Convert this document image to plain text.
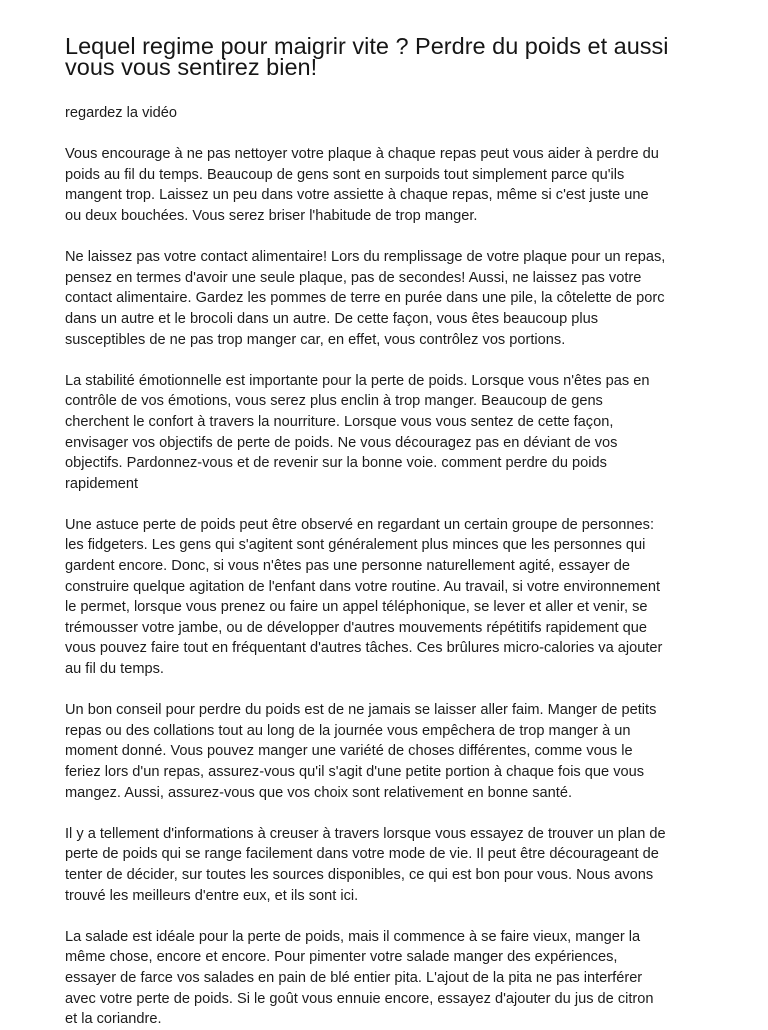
Lequel regime pour maigrir vite ? Perdre du poids et aussi
vous vous sentirez bien!

regardez la vidéo

Vous encourage à ne pas nettoyer votre plaque à chaque repas peut vous aider à perdre du
poids au fil du temps. Beaucoup de gens sont en surpoids tout simplement parce qu'ils
mangent trop. Laissez un peu dans votre assiette à chaque repas, même si c'est juste une
ou deux bouchées. Vous serez briser l'habitude de trop manger.

Ne laissez pas votre contact alimentaire! Lors du remplissage de votre plaque pour un repas,
pensez en termes d'avoir une seule plaque, pas de secondes! Aussi, ne laissez pas votre
contact alimentaire. Gardez les pommes de terre en purée dans une pile, la côtelette de porc
dans un autre et le brocoli dans un autre. De cette façon, vous êtes beaucoup plus
susceptibles de ne pas trop manger car, en effet, vous contrôlez vos portions.

La stabilité émotionnelle est importante pour la perte de poids. Lorsque vous n'êtes pas en
contrôle de vos émotions, vous serez plus enclin à trop manger. Beaucoup de gens
cherchent le confort à travers la nourriture. Lorsque vous vous sentez de cette façon,
envisager vos objectifs de perte de poids. Ne vous découragez pas en déviant de vos
objectifs. Pardonnez-vous et de revenir sur la bonne voie. comment perdre du poids
rapidement

Une astuce perte de poids peut être observé en regardant un certain groupe de personnes:
les fidgeters. Les gens qui s'agitent sont généralement plus minces que les personnes qui
gardent encore. Donc, si vous n'êtes pas une personne naturellement agité, essayer de
construire quelque agitation de l'enfant dans votre routine. Au travail, si votre environnement
le permet, lorsque vous prenez ou faire un appel téléphonique, se lever et aller et venir, se
trémousser votre jambe, ou de développer d'autres mouvements répétitifs rapidement que
vous pouvez faire tout en fréquentant d'autres tâches. Ces brûlures micro-calories va ajouter
au fil du temps.

Un bon conseil pour perdre du poids est de ne jamais se laisser aller faim. Manger de petits
repas ou des collations tout au long de la journée vous empêchera de trop manger à un
moment donné. Vous pouvez manger une variété de choses différentes, comme vous le
feriez lors d'un repas, assurez-vous qu'il s'agit d'une petite portion à chaque fois que vous
mangez. Aussi, assurez-vous que vos choix sont relativement en bonne santé.

Il y a tellement d'informations à creuser à travers lorsque vous essayez de trouver un plan de
perte de poids qui se range facilement dans votre mode de vie. Il peut être décourageant de
tenter de décider, sur toutes les sources disponibles, ce qui est bon pour vous. Nous avons
trouvé les meilleurs d'entre eux, et ils sont ici.

La salade est idéale pour la perte de poids, mais il commence à se faire vieux, manger la
même chose, encore et encore. Pour pimenter votre salade manger des expériences,
essayer de farce vos salades en pain de blé entier pita. L'ajout de la pita ne pas interférer
avec votre perte de poids. Si le goût vous ennuie encore, essayez d'ajouter du jus de citron
et la coriandre.
